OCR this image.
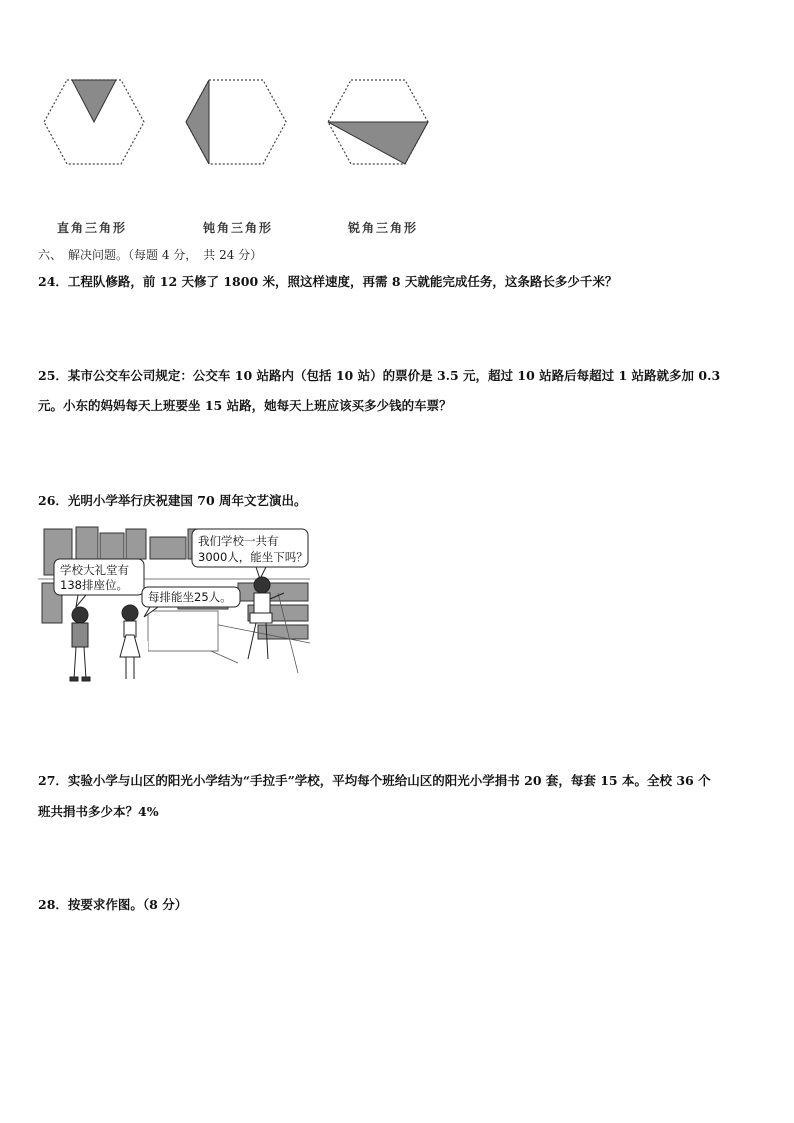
直角三角形	钝角三角形	锐角三角形
六、　解决问题。（每题 4 分，　共 24 分）
24．工程队修路，前 12 天修了 1800 米，照这样速度，再需 8 天就能完成任务，这条路长多少千米？
25．某市公交车公司规定：公交车 10 站路内（包括 10 站）的票价是 3.5 元，超过 10 站路后每超过 1 站路就多加 0.3
元。小东的妈妈每天上班要坐 15 站路，她每天上班应该买多少钱的车票？
26．光明小学举行庆祝建国 70 周年文艺演出。
学校大礼堂有
138排座位。
每排能坐25人。
我们学校一共有
3000人，能坐下吗？
27．实验小学与山区的阳光小学结为“手拉手”学校，平均每个班给山区的阳光小学捐书 20 套，每套 15 本。全校 36 个
班共捐书多少本？4%
28．按要求作图。（8 分）
